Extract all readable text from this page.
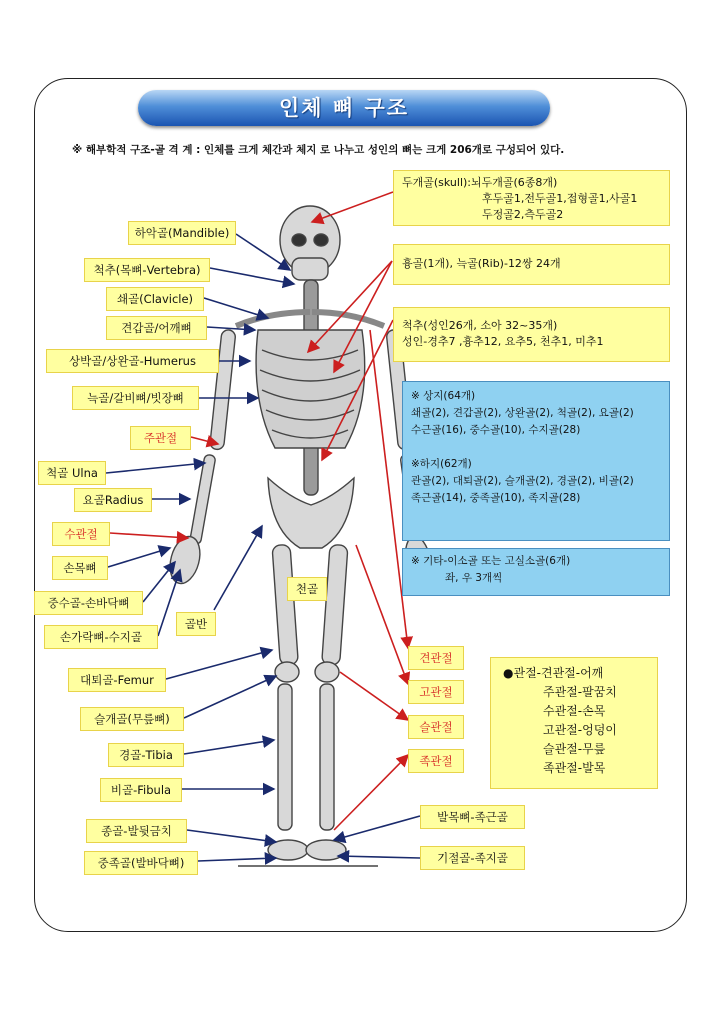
인체 뼈 구조
※ 해부학적 구조-골 격 계 : 인체를 크게 체간과 체지 로 나누고 성인의 뼈는 크게 206개로 구성되어 있다.
하악골(Mandible)
척추(목뼈-Vertebra)
쇄골(Clavicle)
견갑골/어깨뼈
상박골/상완골-Humerus
늑골/갈비뼈/빗장뼈
주관절
척골 Ulna
요골Radius
수관절
손목뼈
중수골-손바닥뼈
손가락뼈-수지골
골반
대퇴골-Femur
슬개골(무릎뼈)
경골-Tibia
비골-Fibula
종골-발뒷금치
중족골(발바닥뼈)
천골
견관절
고관절
슬관절
족관절
발목뼈-족근골
기절골-족지골
두개골(skull):뇌두개골(6종8개)
후두골1,전두골1,접형골1,사골1
두정골2,측두골2
흉골(1개), 늑골(Rib)-12쌍 24개
척추(성인26개, 소아 32~35개)
성인-경추7 ,흉추12, 요추5, 천추1, 미추1
※ 상지(64개)
쇄골(2), 견갑골(2), 상완골(2), 척골(2), 요골(2)
수근골(16), 중수골(10), 수지골(28)
※하지(62개)
관골(2), 대퇴골(2), 슬개골(2), 경골(2), 비골(2)
족근골(14), 중족골(10), 족지골(28)
※ 기타-이소골 또는 고실소골(6개)
좌, 우 3개씩
●관절-견관절-어깨
주관절-팔꿈치
수관절-손목
고관절-엉덩이
슬관절-무릎
족관절-발목
